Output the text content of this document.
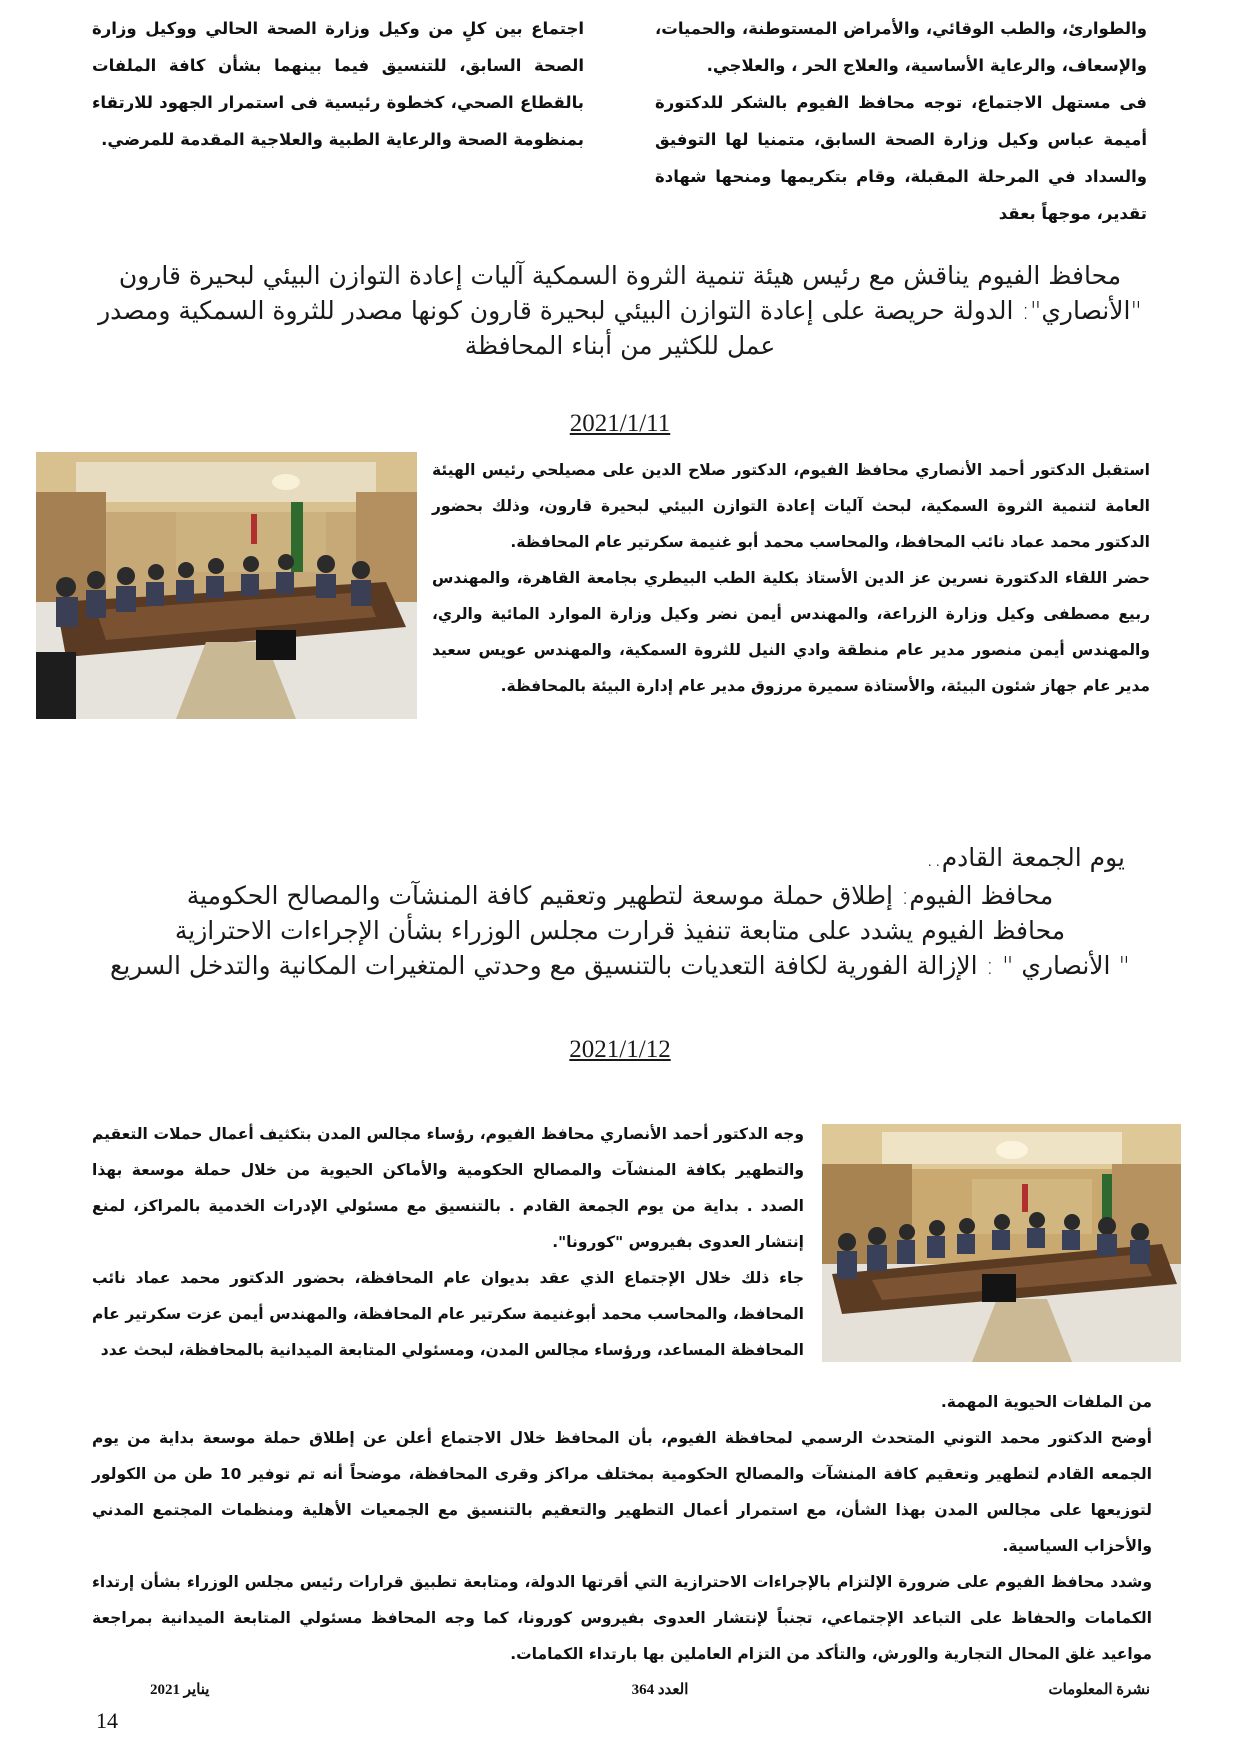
والطوارئ، والطب الوقائي، والأمراض المستوطنة، والحميات، والإسعاف، والرعاية الأساسية، والعلاج الحر ، والعلاجي.

فى مستهل الاجتماع، توجه محافظ الفيوم بالشكر للدكتورة أميمة عباس وكيل وزارة الصحة السابق، متمنيا لها التوفيق والسداد في المرحلة المقبلة، وقام بتكريمها ومنحها شهادة تقدير، موجهاً بعقد

اجتماع بين كلٍ من وكيل وزارة الصحة الحالي ووكيل وزارة الصحة السابق، للتنسيق فيما بينهما بشأن كافة الملفات بالقطاع الصحي، كخطوة رئيسية فى استمرار الجهود للارتقاء بمنظومة الصحة والرعاية الطبية والعلاجية المقدمة للمرضي.

محافظ الفيوم يناقش مع رئيس هيئة تنمية الثروة السمكية آليات إعادة التوازن البيئي لبحيرة قارون

"الأنصاري": الدولة حريصة على إعادة التوازن البيئي لبحيرة قارون كونها مصدر للثروة السمكية ومصدر عمل للكثير من أبناء المحافظة

2021/1/11

استقبل الدكتور أحمد الأنصاري محافظ الفيوم، الدكتور صلاح الدين على مصيلحي رئيس الهيئة العامة لتنمية الثروة السمكية، لبحث آليات إعادة التوازن البيئي لبحيرة قارون، وذلك بحضور الدكتور محمد عماد نائب المحافظ، والمحاسب محمد أبو غنيمة سكرتير عام المحافظة.

حضر اللقاء الدكتورة نسرين عز الدين الأستاذ بكلية الطب البيطري بجامعة القاهرة، والمهندس ربيع مصطفى وكيل وزارة الزراعة، والمهندس أيمن نضر وكيل وزارة الموارد المائية والري، والمهندس أيمن منصور مدير عام منطقة وادي النيل للثروة السمكية، والمهندس عويس سعيد مدير عام جهاز شئون البيئة، والأستاذة سميرة مرزوق مدير عام إدارة البيئة بالمحافظة.

يوم الجمعة القادم..

محافظ الفيوم: إطلاق حملة موسعة لتطهير وتعقيم كافة المنشآت والمصالح الحكومية

محافظ الفيوم يشدد على متابعة تنفيذ قرارت مجلس الوزراء بشأن الإجراءات الاحترازية

" الأنصاري " : الإزالة الفورية لكافة التعديات بالتنسيق مع وحدتي المتغيرات المكانية والتدخل السريع

2021/1/12

وجه الدكتور أحمد الأنصاري محافظ الفيوم، رؤساء مجالس المدن بتكثيف أعمال حملات التعقيم والتطهير بكافة المنشآت والمصالح الحكومية والأماكن الحيوية من خلال حملة موسعة بهذا الصدد . بداية من يوم الجمعة القادم . بالتنسيق مع مسئولي الإدرات الخدمية بالمراكز، لمنع إنتشار العدوى بفيروس "كورونا".

جاء ذلك خلال الإجتماع الذي عقد بديوان عام المحافظة، بحضور الدكتور محمد عماد نائب المحافظ، والمحاسب محمد أبوغنيمة سكرتير عام المحافظة، والمهندس أيمن عزت سكرتير عام المحافظة المساعد، ورؤساء مجالس المدن، ومسئولي المتابعة الميدانية بالمحافظة، لبحث عدد

من الملفات الحيوية المهمة.

أوضح الدكتور محمد التوني المتحدث الرسمي لمحافظة الفيوم، بأن المحافظ خلال الاجتماع أعلن عن إطلاق حملة موسعة بداية من يوم الجمعه القادم لتطهير وتعقيم كافة المنشآت والمصالح الحكومية بمختلف مراكز وقرى المحافظة، موضحاً أنه تم توفير 10 طن من الكولور لتوزيعها على مجالس المدن بهذا الشأن، مع استمرار أعمال التطهير والتعقيم بالتنسيق مع الجمعيات الأهلية ومنظمات المجتمع المدني والأحزاب السياسية.

وشدد محافظ الفيوم على ضرورة الإلتزام بالإجراءات الاحترازية التي أقرتها الدولة، ومتابعة تطبيق قرارات رئيس مجلس الوزراء بشأن إرتداء الكمامات والحفاظ على التباعد الإجتماعي، تجنباً لإنتشار العدوى بفيروس كورونا، كما وجه المحافظ مسئولي المتابعة الميدانية بمراجعة مواعيد غلق المحال التجارية والورش، والتأكد من التزام العاملين بها بارتداء الكمامات.

نشرة المعلومات
العدد 364
يناير 2021
14
